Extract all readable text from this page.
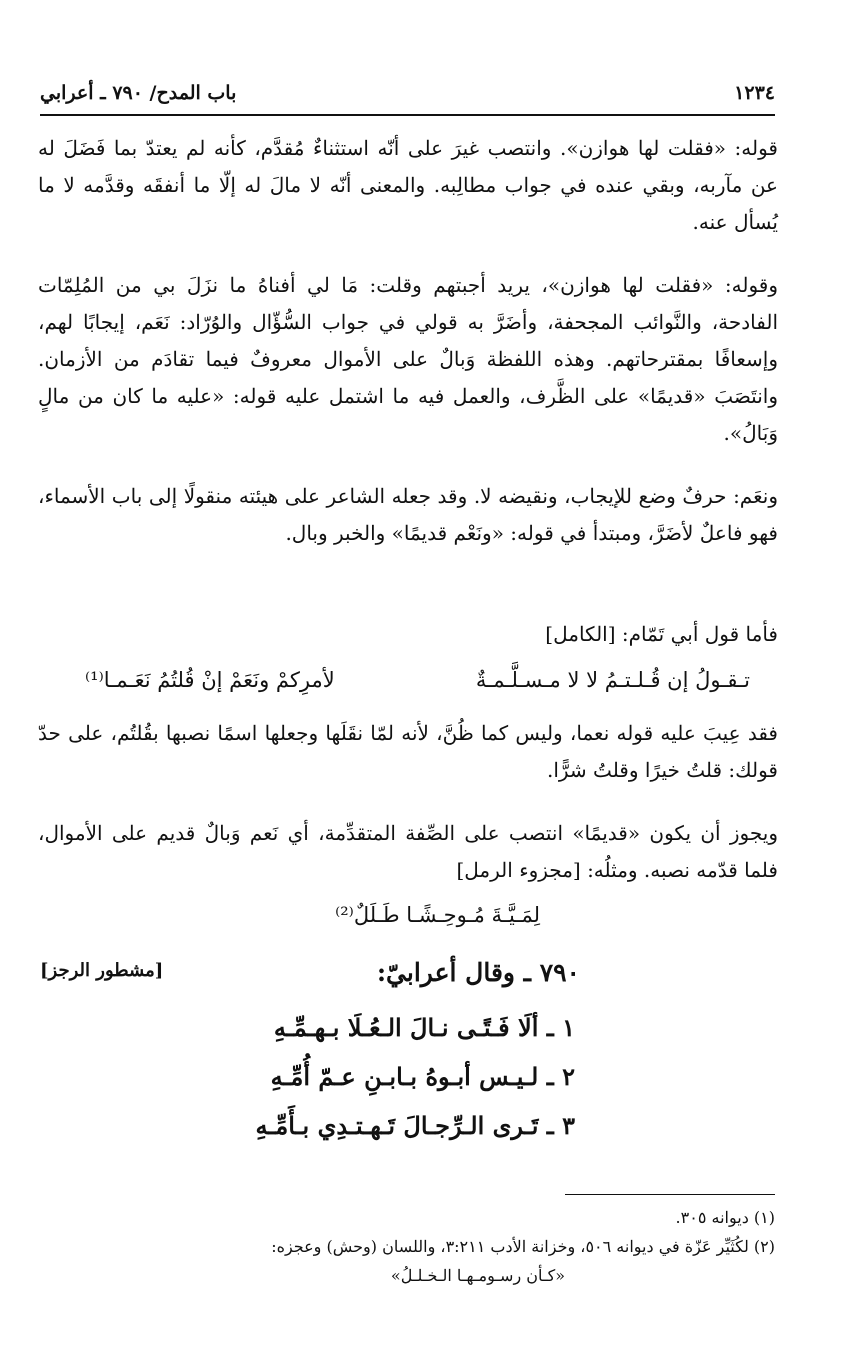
١٢٣٤
باب المدح/ ٧٩٠ ـ أعرابي

قوله: «فقلت لها هوازن». وانتصب غيرَ على أنّه استثناءٌ مُقدَّم، كأنه لم يعتدّ بما فَضَلَ له عن مآربه، وبقي عنده في جواب مطالِبه. والمعنى أنّه لا مالَ له إلّا ما أنفقَه وقدَّمه لا ما يُسأل عنه.

وقوله: «فقلت لها هوازن»، يريد أجبتهم وقلت: مَا لي أفناهُ ما نزَلَ بي من المُلِمّات الفادحة، والنَّوائب المجحفة، وأضَرَّ به قولي في جواب السُّؤّال والوُرّاد: نَعَم، إيجابًا لهم، وإسعافًا بمقترحاتهم. وهذه اللفظة وَبالٌ على الأموال معروفٌ فيما تقادَم من الأزمان. وانتَصَبَ «قديمًا» على الظَّرف، والعمل فيه ما اشتمل عليه قوله: «عليه ما كان من مالٍ وَبَالُ».

ونعَم: حرفٌ وضع للإيجاب، ونقيضه لا. وقد جعله الشاعر على هيئته منقولًا إلى باب الأسماء، فهو فاعلٌ لأضَرَّ، ومبتدأ في قوله: «ونَعْم قديمًا» والخبر وبال.

فأما قول أبي تَمّام: [الكامل]

تـقـولُ إن قُـلـتـمُ لا لا مـسـلَّـمـةٌ
لأمرِكمْ ونَعَمْ إنْ قُلتُمُ نَعَـمـا⁽¹⁾

فقد عِيبَ عليه قوله نعما، وليس كما ظُنَّ، لأنه لمّا نقَلَها وجعلها اسمًا نصبها بقُلتُم، على حدّ قولك: قلتُ خيرًا وقلتُ شرًّا.

ويجوز أن يكون «قديمًا» انتصب على الصِّفة المتقدِّمة، أي نَعم وَبالٌ قديم على الأموال، فلما قدّمه نصبه. ومثلُه: [مجزوء الرمل]

لِمَـيَّـةَ مُـوحِـشًـا طَـلَلٌ⁽²⁾
٧٩٠ ـ وقال أعرابيّ:
[مشطور الرجز]
١ ـ ألَا فَـتًـى نـالَ الـعُـلَا بـهـمِّـهِ
٢ ـ لـيـس أبـوهُ بـابـنِ عـمّ أُمِّـهِ
٣ ـ تَـرى الـرِّجـالَ تَـهـتـدِي بـأَمِّـهِ
(١) ديوانه ٣٠٥.
(٢) لكُثَيِّر عَزّة في ديوانه ٥٠٦، وخزانة الأدب ٣:٢١١، واللسان (وحش) وعجزه:
«كـأن رسـومـهـا الـخـلـلُ»
